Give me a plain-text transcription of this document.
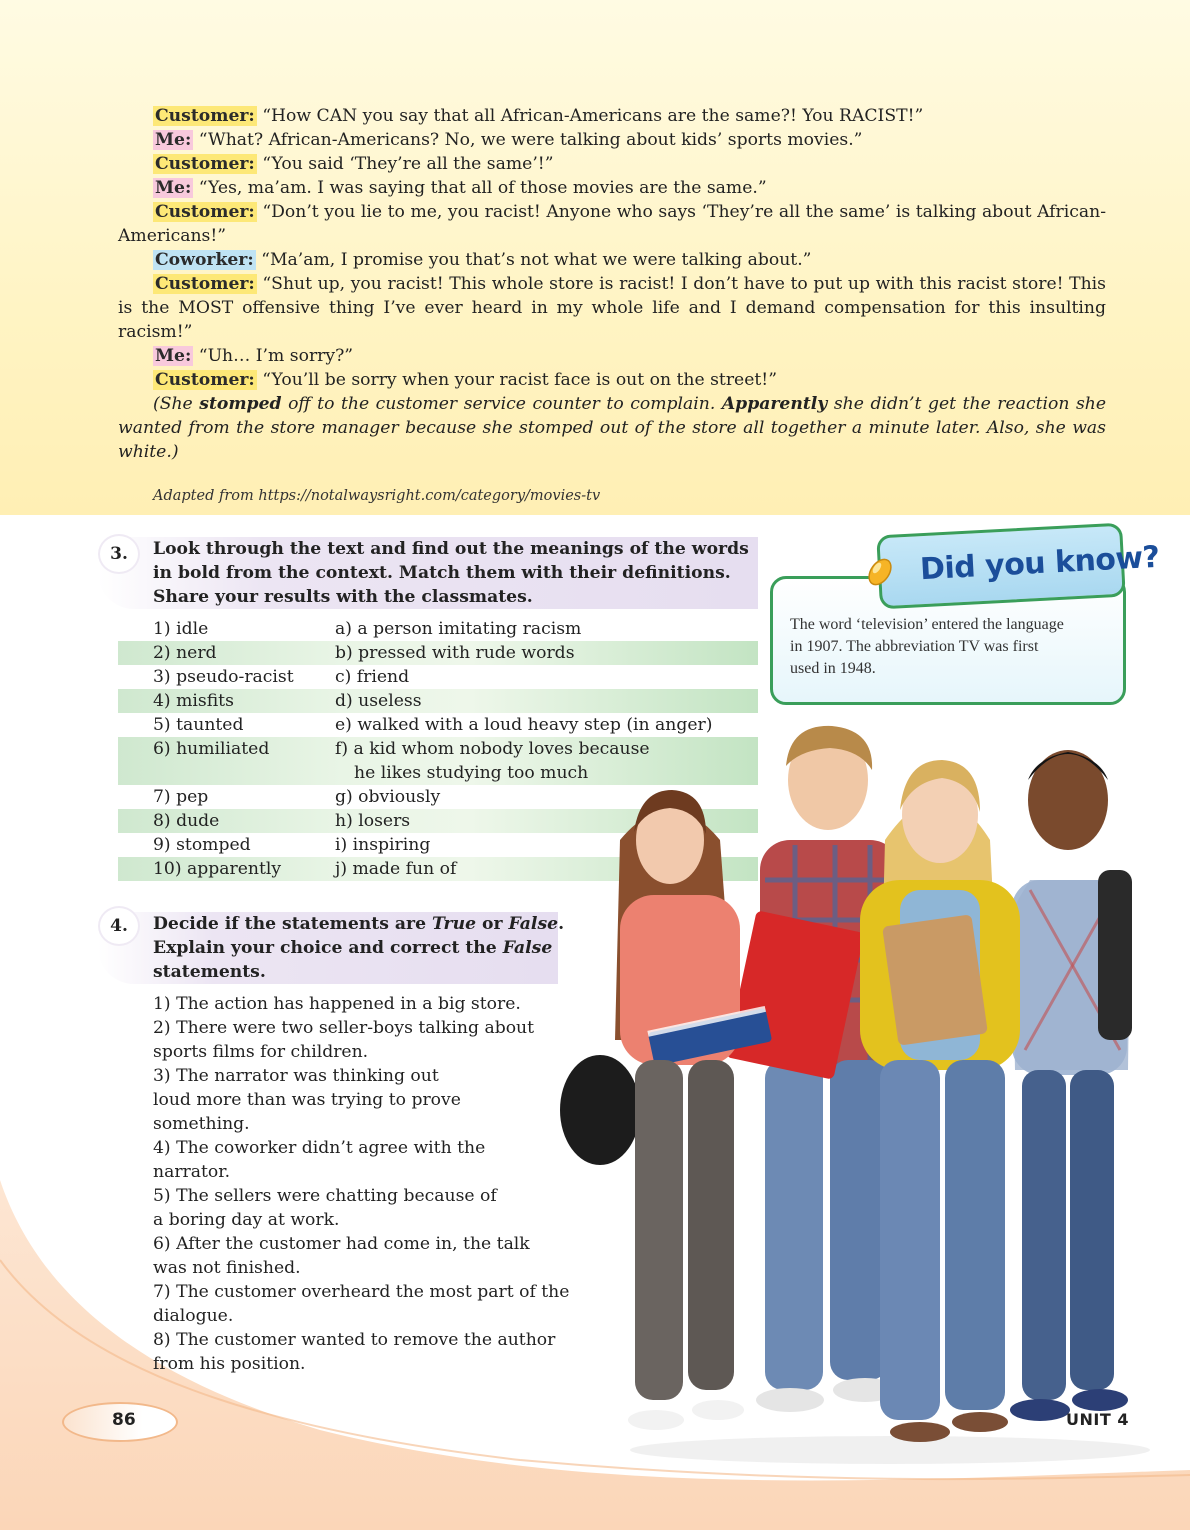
Customer: “How CAN you say that all African-Americans are the same?! You RACIST!”

Me: “What? African-Americans? No, we were talking about kids’ sports movies.”

Customer: “You said ‘They’re all the same’!”

Me: “Yes, ma’am. I was saying that all of those movies are the same.”

Customer: “Don’t you lie to me, you racist! Anyone who says ‘They’re all the same’ is talking about African-Americans!”

Coworker: “Ma’am, I promise you that’s not what we were talking about.”

Customer: “Shut up, you racist! This whole store is racist! I don’t have to put up with this racist store! This is the MOST offensive thing I’ve ever heard in my whole life and I demand compensation for this insulting racism!”

Me: “Uh… I’m sorry?”

Customer: “You’ll be sorry when your racist face is out on the street!”

(She stomped off to the customer service counter to complain. Apparently she didn’t get the reaction she wanted from the store manager because she stomped out of the store all together a minute later. Also, she was white.)

Adapted from https://notalwaysright.com/category/movies-tv
3.	Look through the text and find out the meanings of the words
in bold from the context. Match them with their definitions.
Share your results with the classmates.
1) idle	a) a person imitating racism
2) nerd	b) pressed with rude words
3) pseudo-racist	c) friend
4) misfits	d) useless
5) taunted	e) walked with a loud heavy step (in anger)
6) humiliated	f) a kid whom nobody loves because
he likes studying too much
7) pep	g) obviously
8) dude	h) losers
9) stomped	i) inspiring
10) apparently	j) made fun of
Did you know?
The word ‘television’ entered the language
in 1907. The abbreviation TV was first
used in 1948.
4.	Decide if the statements are True or False.
Explain your choice and correct the False
statements.
1) The action has happened in a big store.
2) There were two seller-boys talking about
sports films for children.
3) The narrator was thinking out
loud more than was trying to prove
something.
4) The coworker didn’t agree with the
narrator.
5) The sellers were chatting because of
a boring day at work.
6) After the customer had come in, the talk
was not finished.
7) The customer overheard the most part of the
dialogue.
8) The customer wanted to remove the author
from his position.
86	UNIT 4
